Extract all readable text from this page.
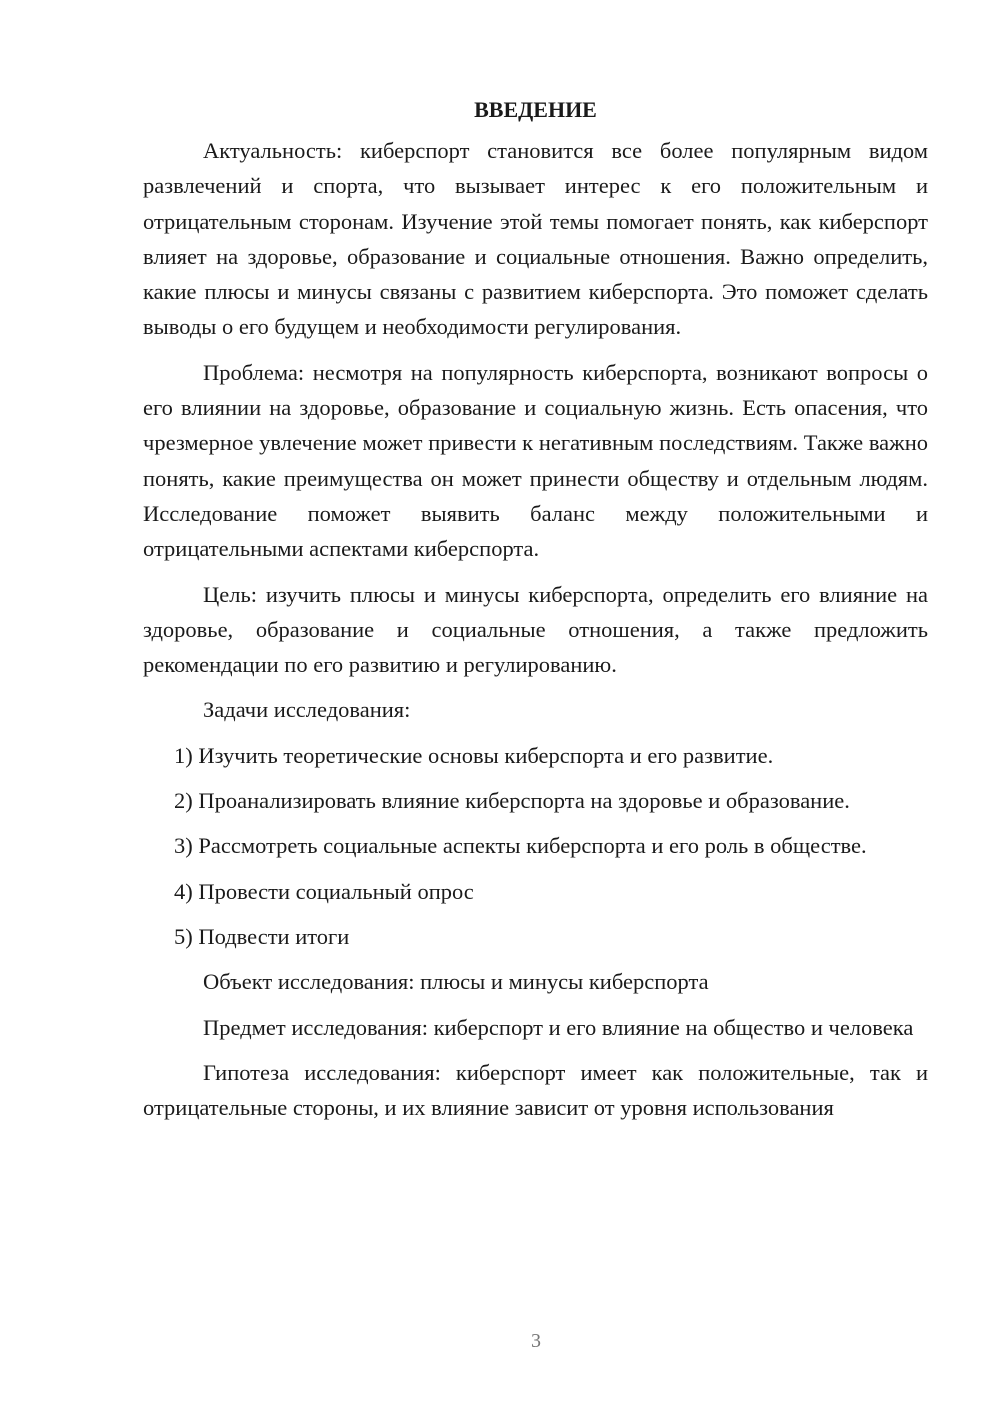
ВВЕДЕНИЕ

Актуальность: киберспорт становится все более популярным видом развлечений и спорта, что вызывает интерес к его положительным и отрицательным сторонам. Изучение этой темы помогает понять, как киберспорт влияет на здоровье, образование и социальные отношения. Важно определить, какие плюсы и минусы связаны с развитием киберспорта. Это поможет сделать выводы о его будущем и необходимости регулирования.

Проблема: несмотря на популярность киберспорта, возникают вопросы о его влиянии на здоровье, образование и социальную жизнь. Есть опасения, что чрезмерное увлечение может привести к негативным последствиям. Также важно понять, какие преимущества он может принести обществу и отдельным людям. Исследование поможет выявить баланс между положительными и отрицательными аспектами киберспорта.

Цель: изучить плюсы и минусы киберспорта, определить его влияние на здоровье, образование и социальные отношения, а также предложить рекомендации по его развитию и регулированию.

Задачи исследования:

1) Изучить теоретические основы киберспорта и его развитие.

2) Проанализировать влияние киберспорта на здоровье и образование.

3) Рассмотреть социальные аспекты киберспорта и его роль в обществе.

4) Провести социальный опрос

5) Подвести итоги

Объект исследования: плюсы и минусы киберспорта

Предмет исследования: киберспорт и его влияние на общество и человека

Гипотеза исследования: киберспорт имеет как положительные, так и отрицательные стороны, и их влияние зависит от уровня использования

3
